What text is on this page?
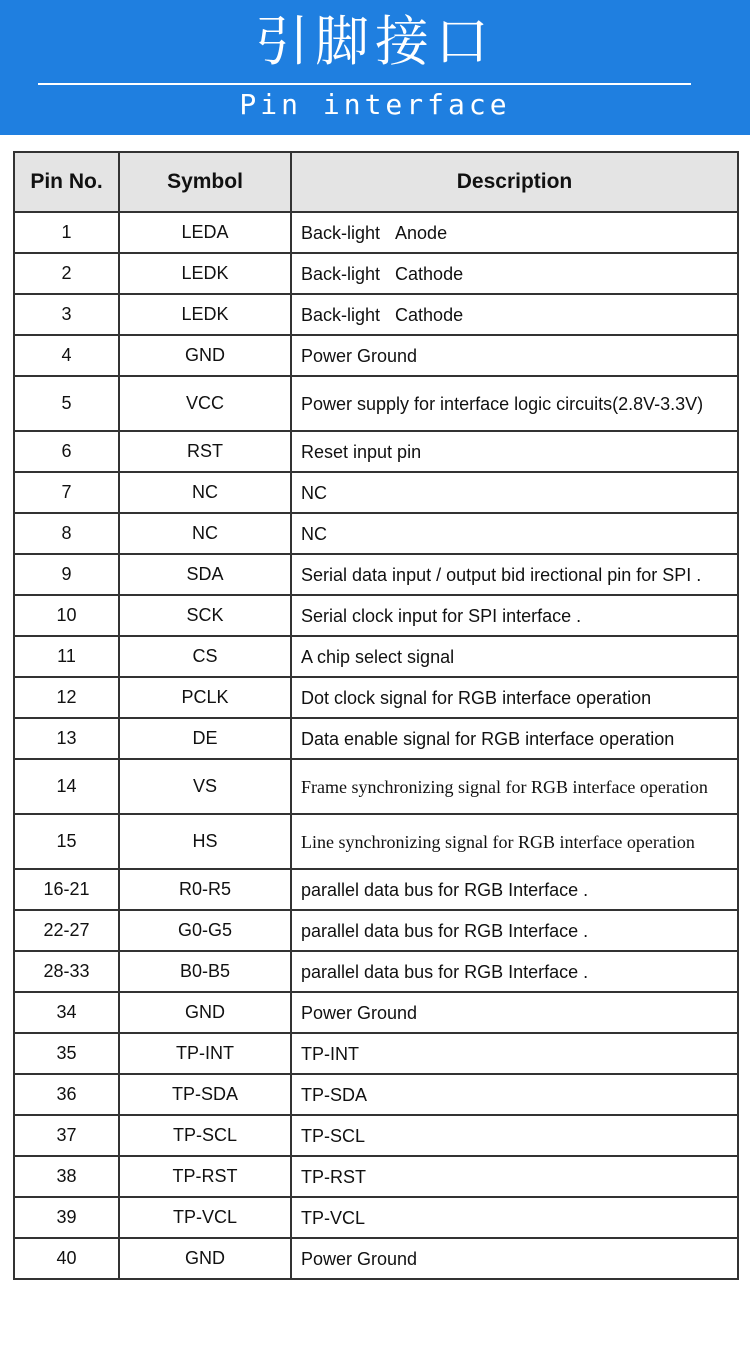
引脚接口
Pin interface
Pin No.	Symbol	Description
1	LEDA	Back-light   Anode
2	LEDK	Back-light   Cathode
3	LEDK	Back-light   Cathode
4	GND	Power Ground
5	VCC	Power supply for interface logic circuits(2.8V-3.3V)
6	RST	Reset input pin
7	NC	NC
8	NC	NC
9	SDA	Serial data input / output bid irectional pin for SPI .
10	SCK	Serial clock input for SPI interface .
11	CS	A chip select signal
12	PCLK	Dot clock signal for RGB interface operation
13	DE	Data enable signal for RGB interface operation
14	VS	Frame synchronizing signal for RGB interface operation
15	HS	Line synchronizing signal for RGB interface operation
16-21	R0-R5	parallel data bus for RGB Interface .
22-27	G0-G5	parallel data bus for RGB Interface .
28-33	B0-B5	parallel data bus for RGB Interface .
34	GND	Power Ground
35	TP-INT	TP-INT
36	TP-SDA	TP-SDA
37	TP-SCL	TP-SCL
38	TP-RST	TP-RST
39	TP-VCL	TP-VCL
40	GND	Power Ground
